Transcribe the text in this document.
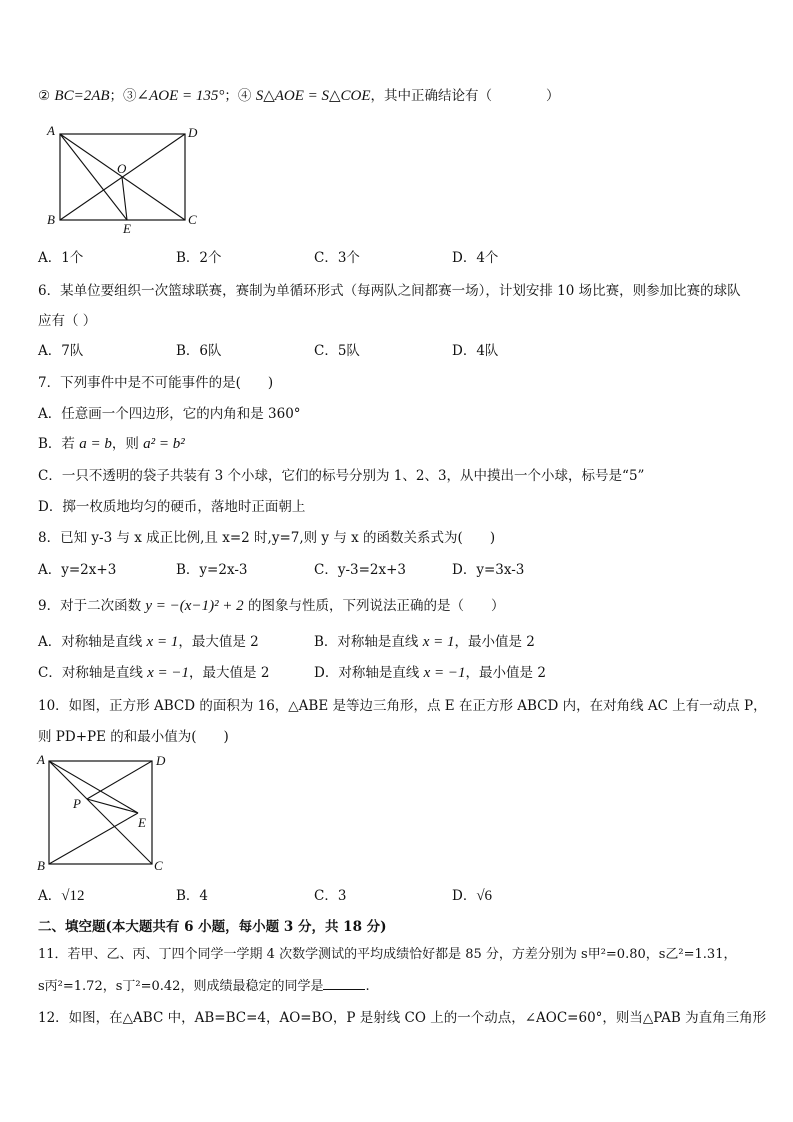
② BC=2AB；③∠AOE = 135°；④ S△AOE = S△COE，其中正确结论有（　　　　）
A	D
B	C
O
E
A．1个	B．2个	C．3个	D．4个
6．某单位要组织一次篮球联赛，赛制为单循环形式（每两队之间都赛一场），计划安排 10 场比赛，则参加比赛的球队
应有（ ）
A．7队	B．6队	C．5队	D．4队
7．下列事件中是不可能事件的是(　　)
A．任意画一个四边形，它的内角和是 360°
B．若 a = b，则 a² = b²
C．一只不透明的袋子共装有 3 个小球，它们的标号分别为 1、2、3，从中摸出一个小球，标号是“5”
D．掷一枚质地均匀的硬币，落地时正面朝上
8．已知 y-3 与 x 成正比例,且 x=2 时,y=7,则 y 与 x 的函数关系式为(　　)
A．y=2x+3	B．y=2x-3	C．y-3=2x+3	D．y=3x-3
9．对于二次函数 y = −(x−1)² + 2 的图象与性质，下列说法正确的是（　　）
A．对称轴是直线 x = 1，最大值是 2	B．对称轴是直线 x = 1，最小值是 2
C．对称轴是直线 x = −1，最大值是 2	D．对称轴是直线 x = −1，最小值是 2
10．如图，正方形 ABCD 的面积为 16，△ABE 是等边三角形，点 E 在正方形 ABCD 内，在对角线 AC 上有一动点 P，
则 PD+PE 的和最小值为(　　)
A	D
B	C
P
E
A．√12	B．4	C．3	D．√6
二、填空题(本大题共有 6 小题，每小题 3 分，共 18 分)
11．若甲、乙、丙、丁四个同学一学期 4 次数学测试的平均成绩恰好都是 85 分，方差分别为 s甲²=0.80，s乙²=1.31，
s丙²=1.72，s丁²=0.42，则成绩最稳定的同学是	.
12．如图，在△ABC 中，AB=BC=4，AO=BO，P 是射线 CO 上的一个动点，∠AOC=60°，则当△PAB 为直角三角形
